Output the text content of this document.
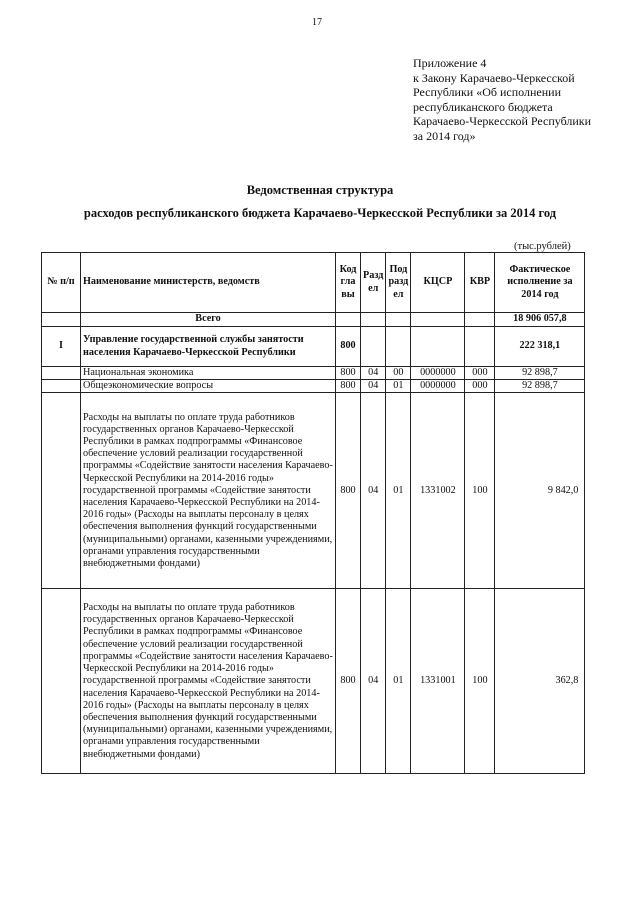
17
Приложение 4
к Закону Карачаево-Черкесской
Республики «Об исполнении
республиканского бюджета
Карачаево-Черкесской Республики
за 2014 год»
Ведомственная структура
расходов республиканского бюджета Карачаево-Черкесской Республики за 2014 год
(тыс.рублей)
№ п/п	Наименование министерств, ведомств	Код гла вы	Разд ел	Под разд ел	КЦСР	КВР	Фактическое исполнение за 2014 год
	Всего						18 906 057,8
I	Управление государственной службы занятости населения Карачаево-Черкесской Республики	800					222 318,1
	Национальная экономика	800	04	00	0000000	000	92 898,7
	Общеэкономические вопросы	800	04	01	0000000	000	92 898,7
	Расходы на выплаты по оплате труда работников государственных органов Карачаево-Черкесской Республики в рамках подпрограммы «Финансовое обеспечение условий реализации государственной программы «Содействие занятости населения Карачаево-Черкесской Республики на 2014-2016 годы» государственной программы «Содействие занятости населения Карачаево-Черкесской Республики на 2014-2016 годы» (Расходы на выплаты персоналу в целях обеспечения выполнения функций государственными (муниципальными) органами, казенными учреждениями, органами управления государственными внебюджетными фондами)	800	04	01	1331002	100	9 842,0
	Расходы на выплаты по оплате труда работников государственных органов Карачаево-Черкесской Республики в рамках подпрограммы «Финансовое обеспечение условий реализации государственной программы «Содействие занятости населения Карачаево-Черкесской Республики на 2014-2016 годы» государственной программы «Содействие занятости населения Карачаево-Черкесской Республики на 2014-2016 годы» (Расходы на выплаты персоналу в целях обеспечения выполнения функций государственными (муниципальными) органами, казенными учреждениями, органами управления государственными внебюджетными фондами)	800	04	01	1331001	100	362,8
